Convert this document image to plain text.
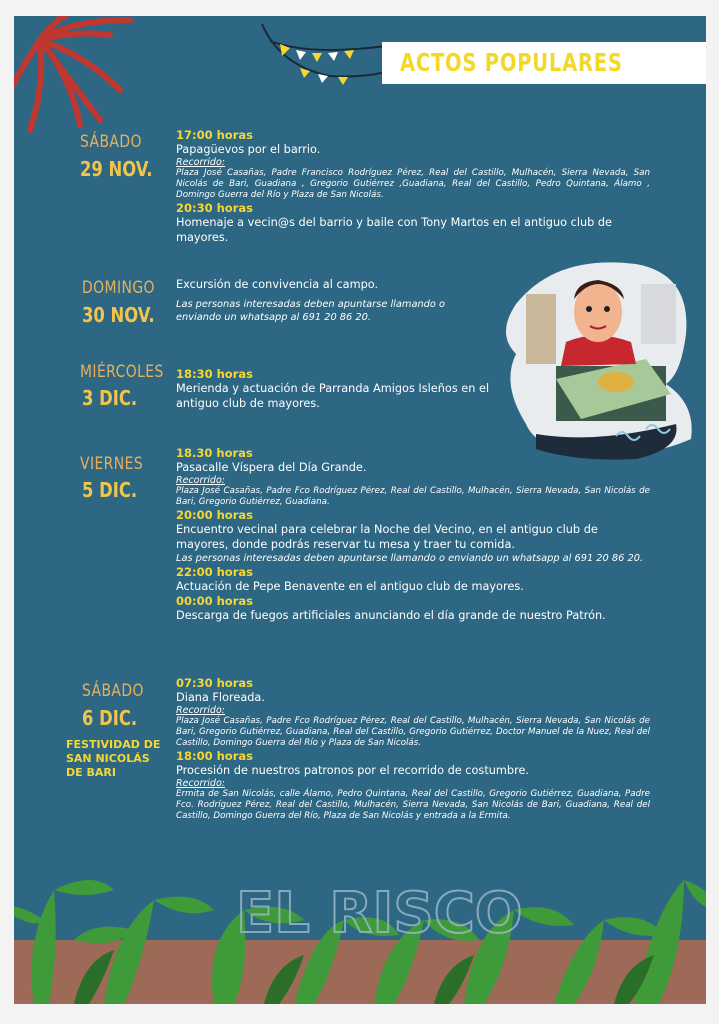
ACTOS POPULARES
SÁBADO
29 NOV.
DOMINGO
30 NOV.
MIÉRCOLES
3 DIC.
VIERNES
5 DIC.
SÁBADO
6 DIC.
FESTIVIDAD DE
SAN NICOLÁS
DE BARI
17:00 horas
Papagüevos por el barrio.
Recorrido:
Plaza José Casañas, Padre Francisco Rodríguez Pérez, Real del Castillo, Mulhacén, Sierra Nevada, San Nicolás de Bari, Guadiana , Gregorio Gutiérrez ,Guadiana, Real del Castillo, Pedro Quintana, Álamo , Domingo Guerra del Río y Plaza de San Nicolás.
20:30 horas
Homenaje a vecin@s del barrio y baile con Tony Martos en el antiguo club de mayores.
Excursión de convivencia al campo.
Las personas interesadas deben apuntarse llamando o enviando un whatsapp al 691 20 86 20.
18:30 horas
Merienda y actuación de Parranda Amigos Isleños en el antiguo club de mayores.
18.30 horas
Pasacalle Víspera del Día Grande.
Recorrido:
Plaza José Casañas, Padre Fco Rodríguez Pérez, Real del Castillo, Mulhacén, Sierra Nevada, San Nicolás de Bari, Gregorio Gutiérrez, Guadiana.
20:00 horas
Encuentro vecinal para celebrar la Noche del Vecino, en el antiguo club de mayores, donde podrás reservar tu mesa y traer tu comida.
Las personas interesadas deben apuntarse llamando o enviando un whatsapp al 691 20 86 20.
22:00 horas
Actuación de Pepe Benavente en el antiguo club de mayores.
00:00 horas
Descarga de fuegos artificiales anunciando el día grande de nuestro Patrón.
07:30 horas
Diana Floreada.
Recorrido:
Plaza José Casañas, Padre Fco Rodríguez Pérez, Real del Castillo, Mulhacén, Sierra Nevada, San Nicolás de Bari, Gregorio Gutiérrez, Guadiana, Real del Castillo, Gregorio Gutiérrez, Doctor Manuel de la Nuez, Real del Castillo, Domingo Guerra del Río y Plaza de San Nicolás.
18:00 horas
Procesión de nuestros patronos por el recorrido de costumbre.
Recorrido:
Ermita de San Nicolás, calle Álamo, Pedro Quintana, Real del Castillo, Gregorio Gutiérrez, Guadiana, Padre Fco. Rodríguez Pérez, Real del Castillo, Mulhacén, Sierra Nevada, San Nicolás de Bari, Guadiana, Real del Castillo, Domingo Guerra del Río, Plaza de San Nicolás y entrada a la Ermita.
EL RISCO
